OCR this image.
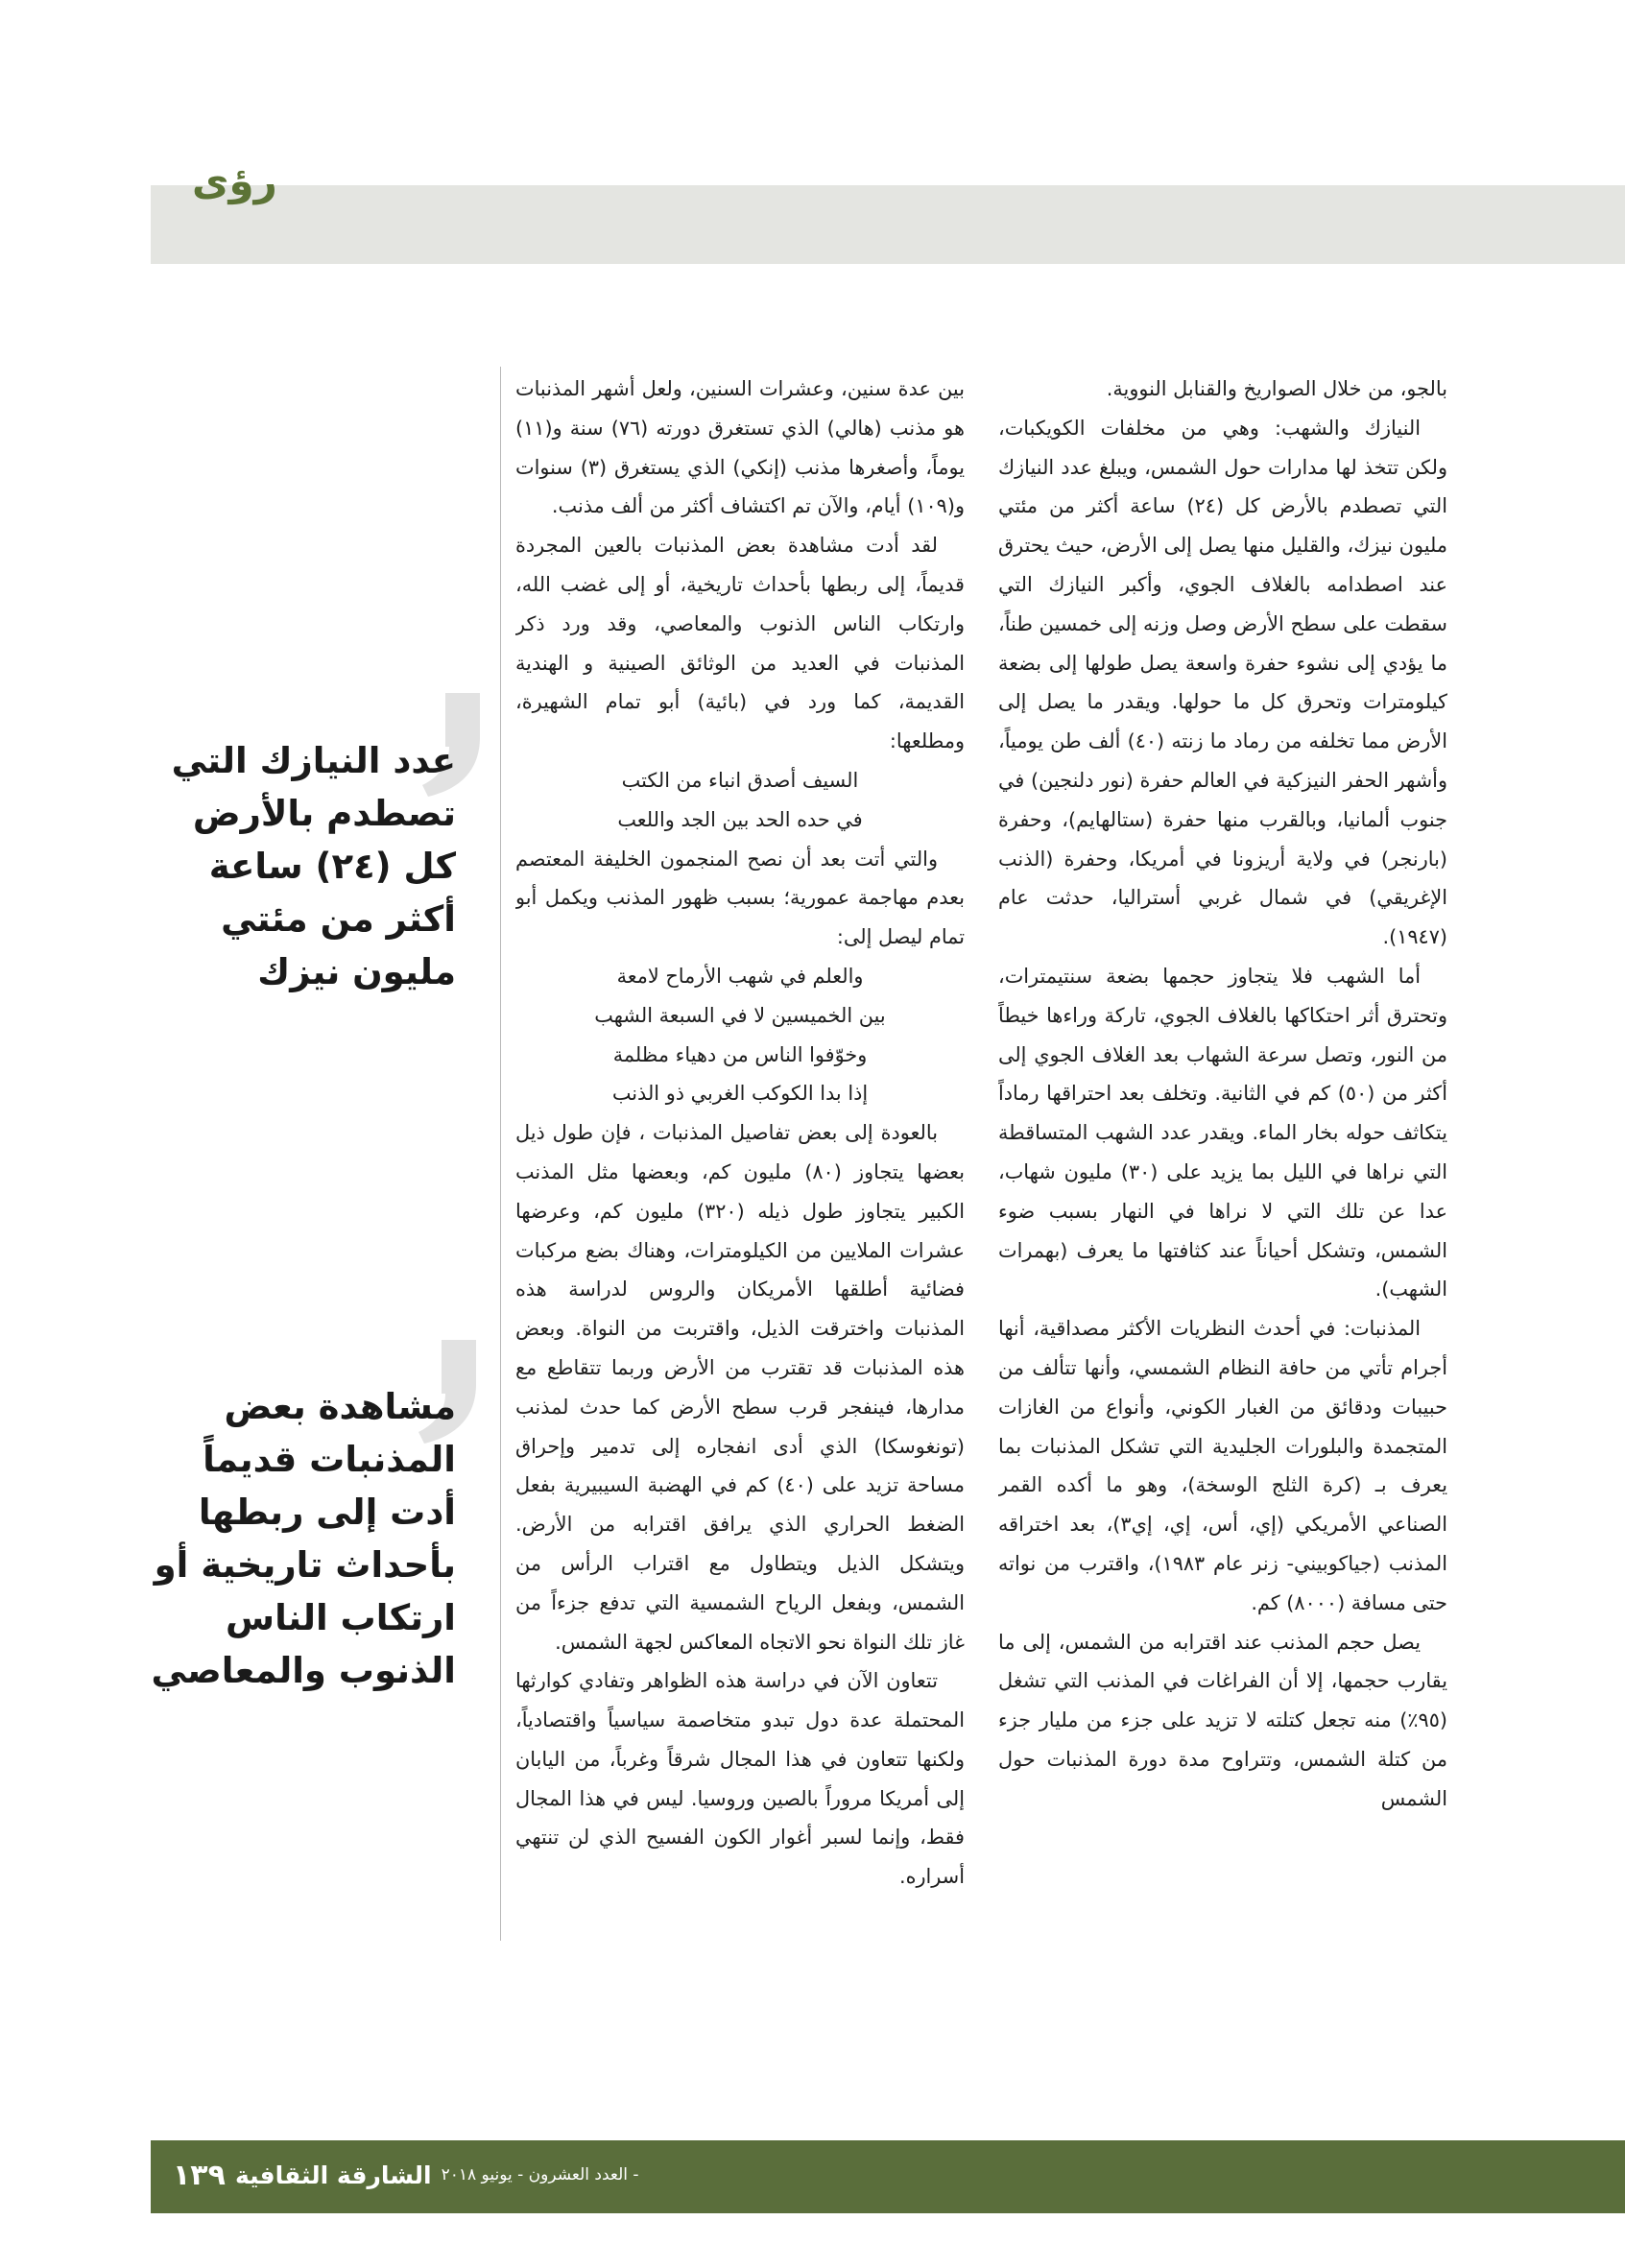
رؤى

بالجو، من خلال الصواريخ والقنابل النووية.

النيازك والشهب: وهي من مخلفات الكويكبات، ولكن تتخذ لها مدارات حول الشمس، ويبلغ عدد النيازك التي تصطدم بالأرض كل (٢٤) ساعة أكثر من مئتي مليون نيزك، والقليل منها يصل إلى الأرض، حيث يحترق عند اصطدامه بالغلاف الجوي، وأكبر النيازك التي سقطت على سطح الأرض وصل وزنه إلى خمسين طناً، ما يؤدي إلى نشوء حفرة واسعة يصل طولها إلى بضعة كيلومترات وتحرق كل ما حولها. ويقدر ما يصل إلى الأرض مما تخلفه من رماد ما زنته (٤٠) ألف طن يومياً، وأشهر الحفر النيزكية في العالم حفرة (نور دلنجين) في جنوب ألمانيا، وبالقرب منها حفرة (ستالهايم)، وحفرة (بارنجر) في ولاية أريزونا في أمريكا، وحفرة (الذنب الإغريقي) في شمال غربي أستراليا، حدثت عام (١٩٤٧).

أما الشهب فلا يتجاوز حجمها بضعة سنتيمترات، وتحترق أثر احتكاكها بالغلاف الجوي، تاركة وراءها خيطاً من النور، وتصل سرعة الشهاب بعد الغلاف الجوي إلى أكثر من (٥٠) كم في الثانية. وتخلف بعد احتراقها رماداً يتكاثف حوله بخار الماء. ويقدر عدد الشهب المتساقطة التي نراها في الليل بما يزيد على (٣٠) مليون شهاب، عدا عن تلك التي لا نراها في النهار بسبب ضوء الشمس، وتشكل أحياناً عند كثافتها ما يعرف (بهمرات الشهب).

المذنبات: في أحدث النظريات الأكثر مصداقية، أنها أجرام تأتي من حافة النظام الشمسي، وأنها تتألف من حبيبات ودقائق من الغبار الكوني، وأنواع من الغازات المتجمدة والبلورات الجليدية التي تشكل المذنبات بما يعرف بـ (كرة الثلج الوسخة)، وهو ما أكده القمر الصناعي الأمريكي (إي، أس، إي، إي٣)، بعد اختراقه المذنب (جياكوبيني- زنر عام ١٩٨٣)، واقترب من نواته حتى مسافة (٨٠٠٠) كم.

يصل حجم المذنب عند اقترابه من الشمس، إلى ما يقارب حجمها، إلا أن الفراغات في المذنب التي تشغل (٩٥٪) منه تجعل كتلته لا تزيد على جزء من مليار جزء من كتلة الشمس، وتتراوح مدة دورة المذنبات حول الشمس

بين عدة سنين، وعشرات السنين، ولعل أشهر المذنبات هو مذنب (هالي) الذي تستغرق دورته (٧٦) سنة و(١١) يوماً، وأصغرها مذنب (إنكي) الذي يستغرق (٣) سنوات و(١٠٩) أيام، والآن تم اكتشاف أكثر من ألف مذنب.

لقد أدت مشاهدة بعض المذنبات بالعين المجردة قديماً، إلى ربطها بأحداث تاريخية، أو إلى غضب الله، وارتكاب الناس الذنوب والمعاصي، وقد ورد ذكر المذنبات في العديد من الوثائق الصينية و الهندية القديمة، كما ورد في (بائية) أبو تمام الشهيرة، ومطلعها:

السيف أصدق انباء من الكتب

في حده الحد بين الجد واللعب

والتي أتت بعد أن نصح المنجمون الخليفة المعتصم بعدم مهاجمة عمورية؛ بسبب ظهور المذنب ويكمل أبو تمام ليصل إلى:

والعلم في شهب الأرماح لامعة

بين الخميسين لا في السبعة الشهب

وخوّفوا الناس من دهياء مظلمة

إذا بدا الكوكب الغربي ذو الذنب

بالعودة إلى بعض تفاصيل المذنبات ، فإن طول ذيل بعضها يتجاوز (٨٠) مليون كم، وبعضها مثل المذنب الكبير يتجاوز طول ذيله (٣٢٠) مليون كم، وعرضها عشرات الملايين من الكيلومترات، وهناك بضع مركبات فضائية أطلقها الأمريكان والروس لدراسة هذه المذنبات واخترقت الذيل، واقتربت من النواة. وبعض هذه المذنبات قد تقترب من الأرض وربما تتقاطع مع مدارها، فينفجر قرب سطح الأرض كما حدث لمذنب (تونغوسكا) الذي أدى انفجاره إلى تدمير وإحراق مساحة تزيد على (٤٠) كم في الهضبة السيبيرية بفعل الضغط الحراري الذي يرافق اقترابه من الأرض. ويتشكل الذيل ويتطاول مع اقتراب الرأس من الشمس، وبفعل الرياح الشمسية التي تدفع جزءاً من غاز تلك النواة نحو الاتجاه المعاكس لجهة الشمس.

تتعاون الآن في دراسة هذه الظواهر وتفادي كوارثها المحتملة عدة دول تبدو متخاصمة سياسياً واقتصادياً، ولكنها تتعاون في هذا المجال شرقاً وغرباً، من اليابان إلى أمريكا مروراً بالصين وروسيا. ليس في هذا المجال فقط، وإنما لسبر أغوار الكون الفسيح الذي لن تنتهي أسراره.

عدد النيازك التي تصطدم بالأرض كل (٢٤) ساعة أكثر من مئتي مليون نيزك
مشاهدة بعض المذنبات قديماً أدت إلى ربطها بأحداث تاريخية أو ارتكاب الناس الذنوب والمعاصي
١٣٩ الشارقة الثقافية العدد العشرون - يونيو ٢٠١٨ -
